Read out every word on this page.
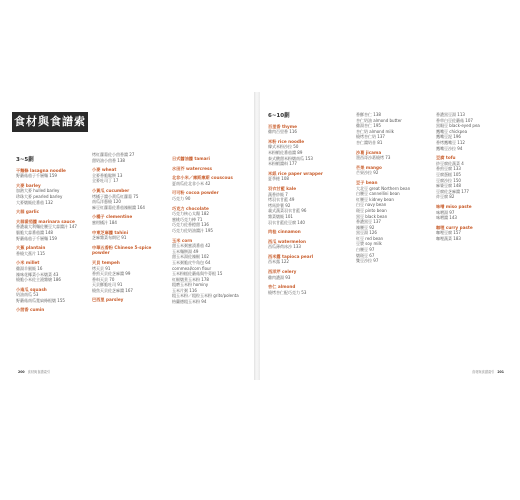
3~5劃
干麵條 lasagna noodle
野蘑菇茄子千層麵 159
大麥 barley
加熱大麥 hulled barley
珍珠大麥 pearled barley
大麥燉飯佐番茄 132
大蒜 garlic
大蒜番茄醬 marinara sauce
香濃義大利麵佐腰豆大蒜醬汁 147
腦脆大蒜番茄醬 148
野蘑菇茄子千層麵 159
大蕉 plantain
香燒大蕉片 115
小米 millet
雞湯羊腿飯 16
辣味花椰菜小米燉菜 43
燒脆小米佐主澆雜燴 186
小南瓜 squash
奶油南瓜 53
野蘑菇南瓜寬扁條根燉 155
小茴香 cumin
烤紅蘿蔔佐小茴香醬 27
甜奶油小茴香 138
小麥 wheat
全麥香脆鬆餅 13
全麥吐司丁 17
小黃瓜 cucumber
烤橘子醬小黃瓜紅蘿蔔 75
南瓜洋蔥燒 120
麻豆紅蘿蔔佐番茄辣椒醬 164
小橘子 clementine
蜜柑橘汁 184
中東芝麻醬 tahini
芝麻雜菜布朗尼 91
中華五香粉 Chinese 5-spice powder
天貝 tempeh
烤天貝 91
香煎天貝佐芝麻醬 99
香料天貝 70
天貝酥脆吐司 91
燒焦天貝佐芝麻醬 167
巴西里 parsley
日式醬油醬 tamari
水田芥 watercress
北非小米／庫斯庫斯 couscous
夏南瓜佐北非小米 42
可可粉 cocoa powder
巧克力 90
巧克力 chocolate
巧克力核心太陽 182
蜜桃巧克力棒 71
巧克力佐香橙甜 136
巧克力佐奶油醬汁 195
玉米 corn
甜玉米粥蜜漬番茄 42
玉米麵餅湯 49
甜玉米湯佐辣椒 102
玉米粥脆皮牛角包 64
cornmeal/corn flour
玉米粉糕佐蘑菇與牛蒡根 15
紅椒燉煮玉米粉 178
粗磨玉米粉 hominy
玉米片粥 116
粗玉米粉／粗粒玉米粉 grits/polenta
格蘭德粗玉米粉 94
200 食材與食譜索引
食材與食譜索引
6~10劃
百里香 thyme
雞肉百里香 116
米粉 rice noodle
韓式米粉沙拉 50
米粉蝦佐番茄醬 89
泰式酸甜米粉燉南瓜 153
米粉蝦醬料 177
米紙 rice paper wrapper
夏季捲 108
羽衣甘藍 kale
蔬香炒飯 7
烤羽衣甘藍 49
烤馬鈴薯 92
義式蔬菜羽衣甘藍 96
雜菜燉飯 101
羽衣甘藍佐豆腐 140
肉桂 cinnamon
西瓜 watermelon
西瓜薄荷冰沙 133
西米露 tapioca pearl
西米露 122
西洋芹 celery
雞肉濃湯 93
杏仁 almond
燒烤杏仁配巧克力 53
香酥杏仁 138
杏仁奶油 almond butter
雞湯杏仁 195
杏仁奶 almond milk
燒烤杏仁奶 137
杏仁醬奶昔 81
沙葛 jicama
墨西哥沙葛燒烤 73
芒果 mango
芒果沙拉 92
豆子 bean
大北豆 great Northern bean
白腰豆 cannellini bean
紅腰豆 kidney bean
白豆 navy bean
斑豆 pinto bean
黑豆 black bean
香濃黑豆 137
辣腰豆 92
黑豆湯 126
紅豆 red bean
豆漿 soy milk
白腰豆 97
燉斑豆 67
雙豆沙拉 97
香濃黑豆湯 113
香草白豆佐蘑菇 107
黑眼豆 black-eyed pea
鷹嘴豆 chickpea
鷹嘴豆泥 196
香烤鷹嘴豆 112
鷹嘴豆沙拉 94
豆腐 tofu
炒豆腐佐蔬菜 4
香煎豆腐 133
豆腐蛋糕 105
豆腐沙拉 150
麻婆豆腐 148
豆腐佐芝麻醬 177
炸豆腐 82
味噌 miso paste
味噌湯 97
味噌醬 143
咖哩 curry paste
咖哩豆腐 157
咖哩蔬菜 183
食材與食譜索引 201
